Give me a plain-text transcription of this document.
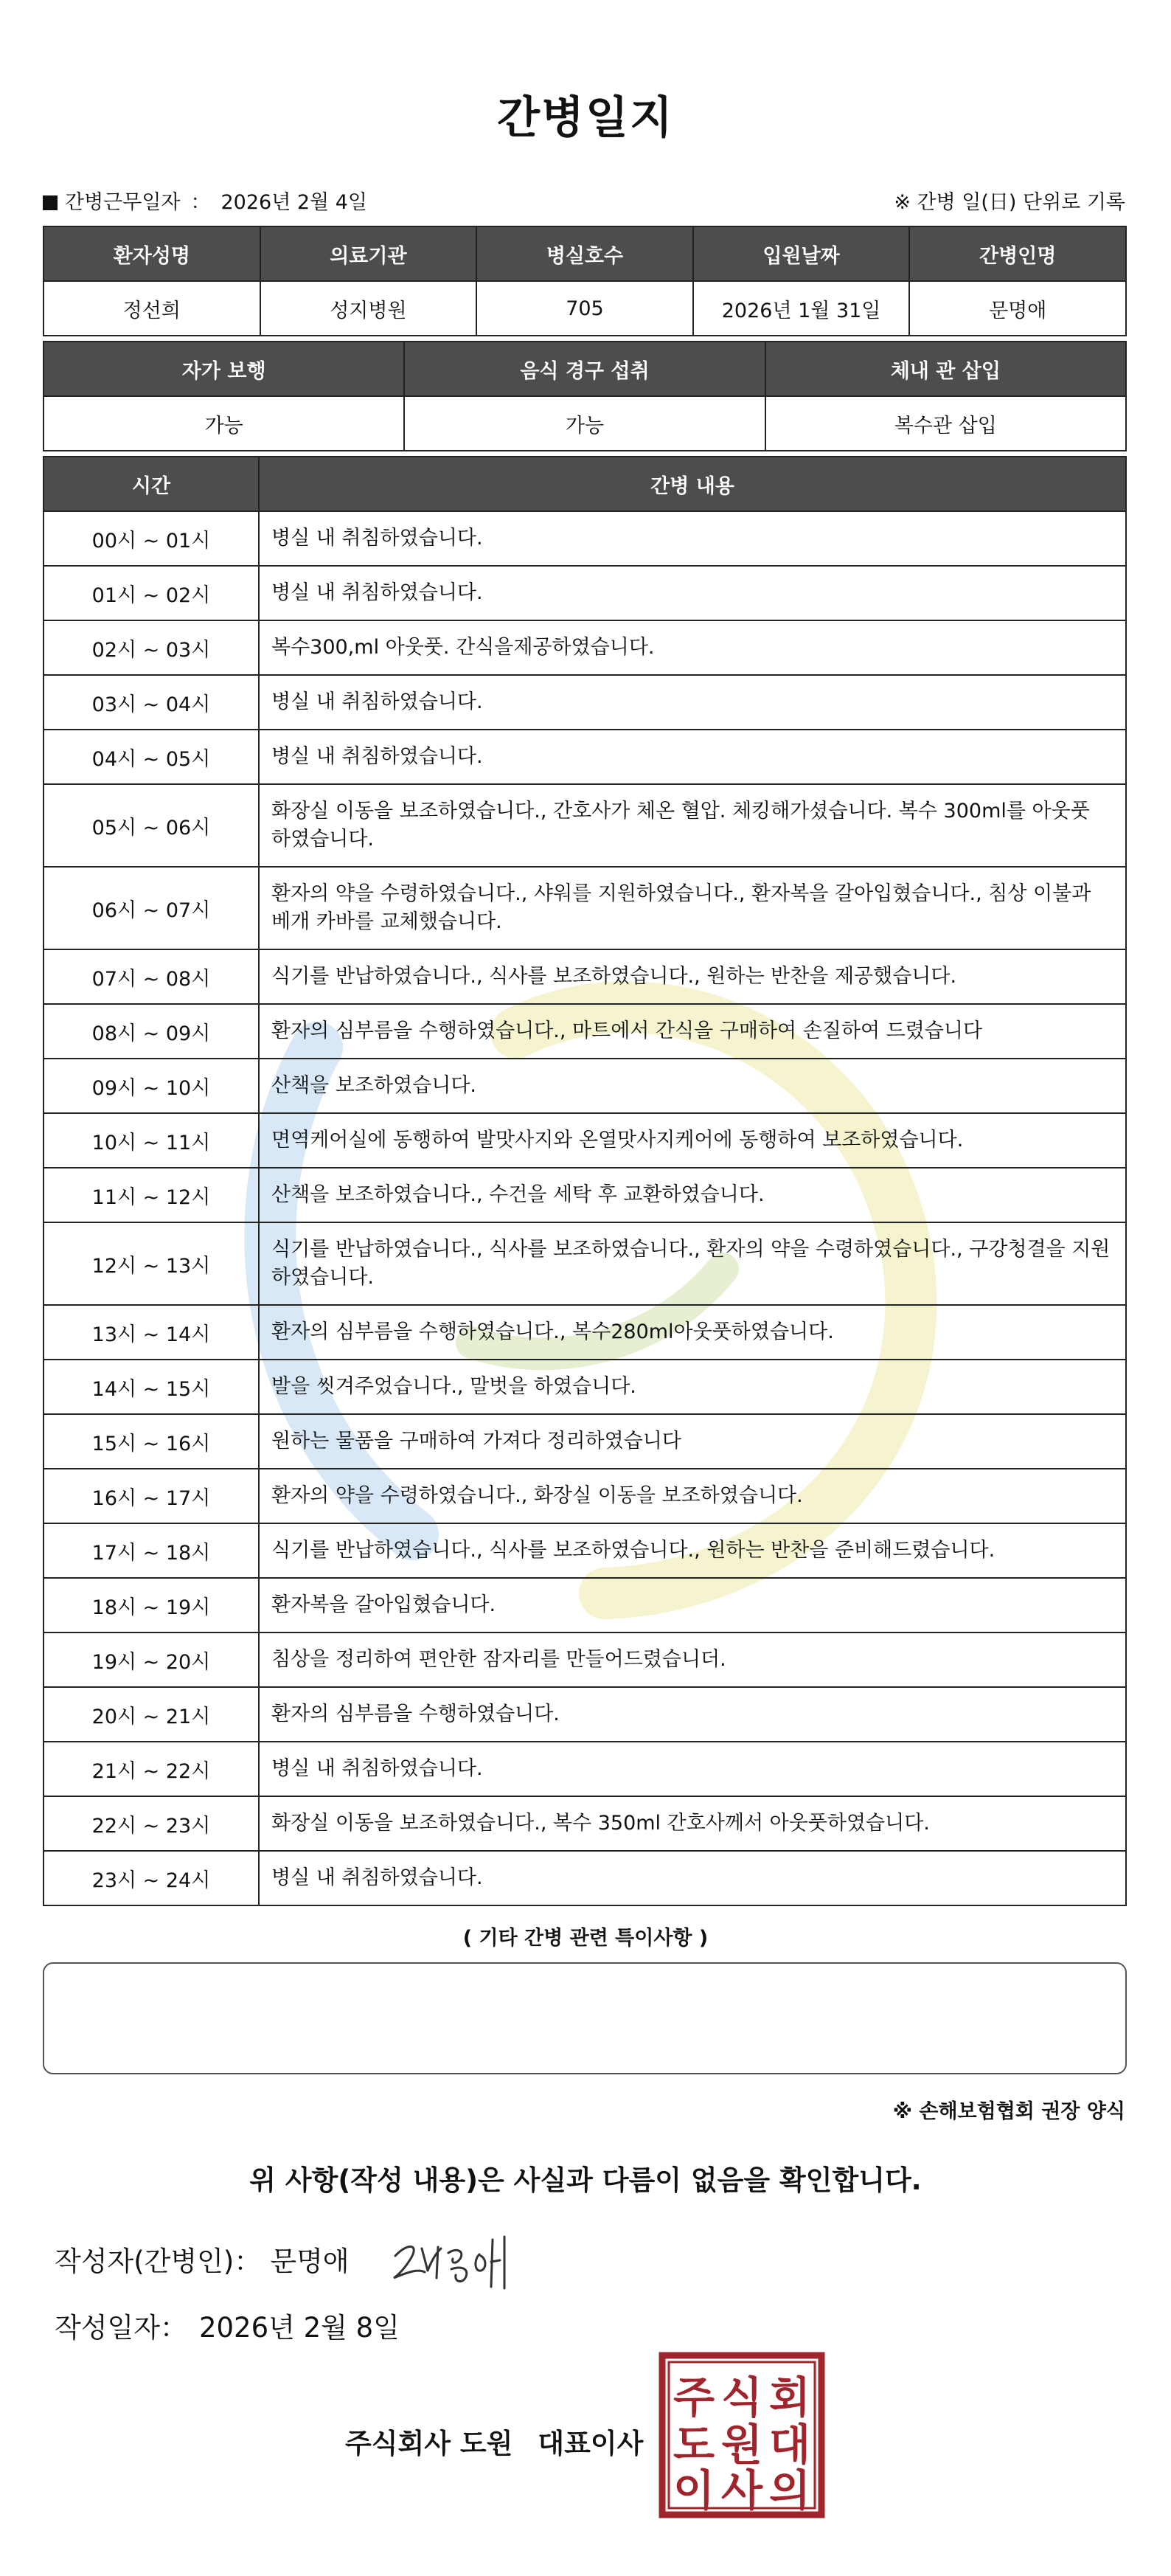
간병일지
간병근무일자 ： 2026년 2월 4일	※ 간병 일(日) 단위로 기록
환자성명	의료기관	병실호수	입원날짜	간병인명
정선희	성지병원	705	2026년 1월 31일	문명애
자가 보행	음식 경구 섭취	체내 관 삽입
가능	가능	복수관 삽입
시간	간병 내용
00시 ~ 01시	병실 내 취침하였습니다.
01시 ~ 02시	병실 내 취침하였습니다.
02시 ~ 03시	복수300,ml 아웃풋. 간식을제공하였습니다.
03시 ~ 04시	병실 내 취침하였습니다.
04시 ~ 05시	병실 내 취침하였습니다.
05시 ~ 06시	화장실 이동을 보조하였습니다., 간호사가 체온 혈압. 체킹해가셨습니다. 복수 300ml를 아웃풋 하였습니다.
06시 ~ 07시	환자의 약을 수령하였습니다., 샤워를 지원하였습니다., 환자복을 갈아입혔습니다., 침상 이불과 베개 카바를 교체했습니다.
07시 ~ 08시	식기를 반납하였습니다., 식사를 보조하였습니다., 원하는 반찬을 제공했습니다.
08시 ~ 09시	환자의 심부름을 수행하였습니다., 마트에서 간식을 구매하여 손질하여 드렸습니다
09시 ~ 10시	산책을 보조하였습니다.
10시 ~ 11시	면역케어실에 동행하여 발맛사지와 온열맛사지케어에 동행하여 보조하였습니다.
11시 ~ 12시	산책을 보조하였습니다., 수건을 세탁 후 교환하였습니다.
12시 ~ 13시	식기를 반납하였습니다., 식사를 보조하였습니다., 환자의 약을 수령하였습니다., 구강청결을 지원하였습니다.
13시 ~ 14시	환자의 심부름을 수행하였습니다., 복수280ml아웃풋하였습니다.
14시 ~ 15시	발을 씻겨주었습니다., 말벗을 하였습니다.
15시 ~ 16시	원하는 물품을 구매하여 가져다 정리하였습니다
16시 ~ 17시	환자의 약을 수령하였습니다., 화장실 이동을 보조하였습니다.
17시 ~ 18시	식기를 반납하였습니다., 식사를 보조하였습니다., 원하는 반찬을 준비해드렸습니다.
18시 ~ 19시	환자복을 갈아입혔습니다.
19시 ~ 20시	침상을 정리하여 편안한 잠자리를 만들어드렸습니더.
20시 ~ 21시	환자의 심부름을 수행하였습니다.
21시 ~ 22시	병실 내 취침하였습니다.
22시 ~ 23시	화장실 이동을 보조하였습니다., 복수 350ml 간호사께서 아웃풋하였습니다.
23시 ~ 24시	병실 내 취침하였습니다.
( 기타 간병 관련 특이사항 )
※ 손해보험협회 권장 양식
위 사항(작성 내용)은 사실과 다름이 없음을 확인합니다.
작성자(간병인)： 문명애
작성일자： 2026년 2월 8일
주식회사 도원 대표이사
주 식 회
도 원 대
이 사 의
